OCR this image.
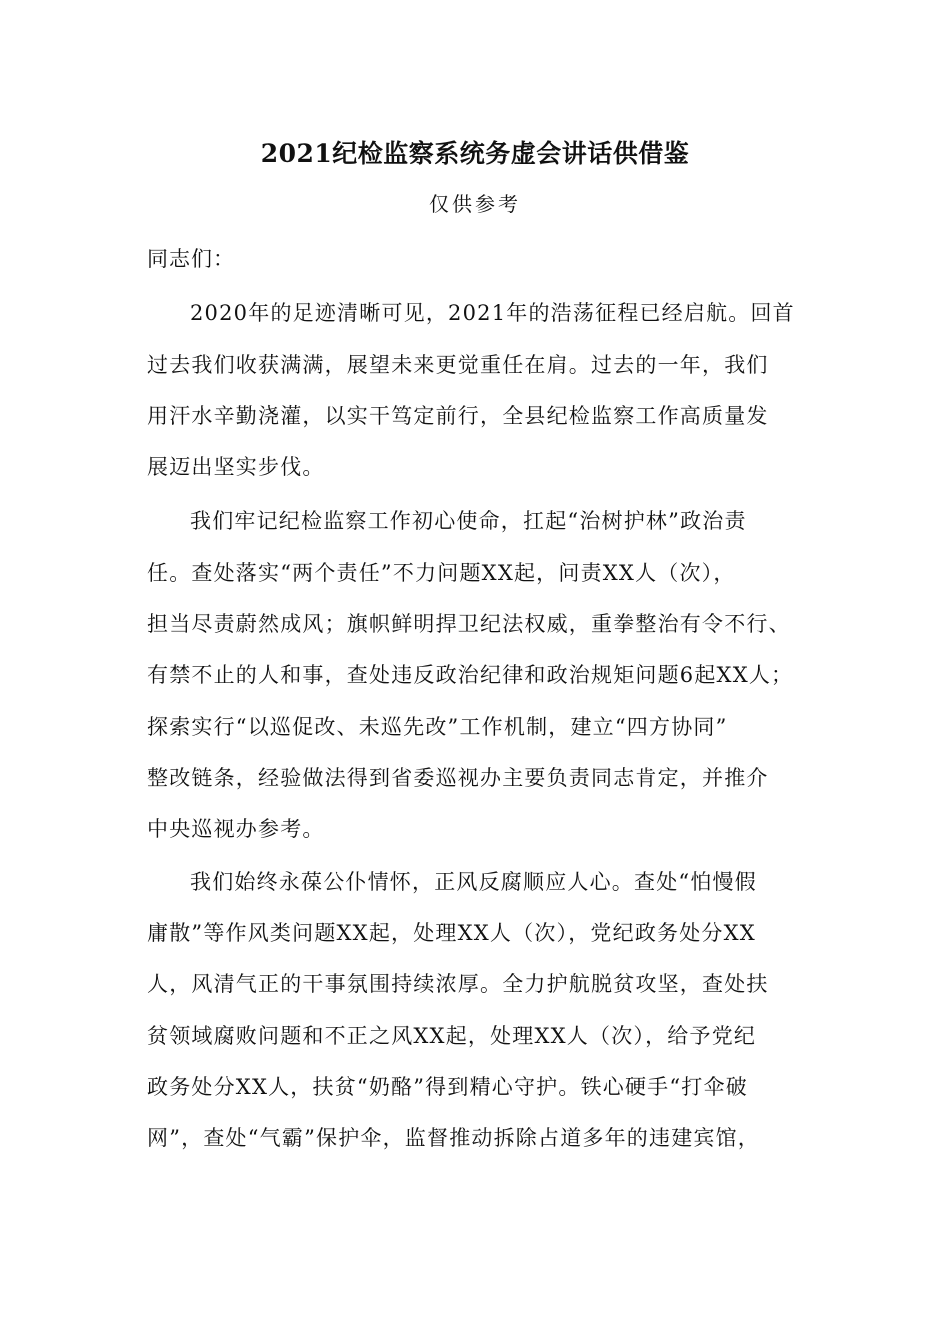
2021纪检监察系统务虚会讲话供借鉴
仅供参考
同志们：
2020年的足迹清晰可见，2021年的浩荡征程已经启航。回首
过去我们收获满满，展望未来更觉重任在肩。过去的一年，我们
用汗水辛勤浇灌，以实干笃定前行，全县纪检监察工作高质量发
展迈出坚实步伐。
我们牢记纪检监察工作初心使命，扛起“治树护林”政治责
任。查处落实“两个责任”不力问题XX起，问责XX人（次），
担当尽责蔚然成风；旗帜鲜明捍卫纪法权威，重拳整治有令不行、
有禁不止的人和事，查处违反政治纪律和政治规矩问题6起XX人；
探索实行“以巡促改、未巡先改”工作机制，建立“四方协同”
整改链条，经验做法得到省委巡视办主要负责同志肯定，并推介
中央巡视办参考。
我们始终永葆公仆情怀，正风反腐顺应人心。查处“怕慢假
庸散”等作风类问题XX起，处理XX人（次），党纪政务处分XX
人，风清气正的干事氛围持续浓厚。全力护航脱贫攻坚，查处扶
贫领域腐败问题和不正之风XX起，处理XX人（次），给予党纪
政务处分XX人，扶贫“奶酪”得到精心守护。铁心硬手“打伞破
网”，查处“气霸”保护伞，监督推动拆除占道多年的违建宾馆，
